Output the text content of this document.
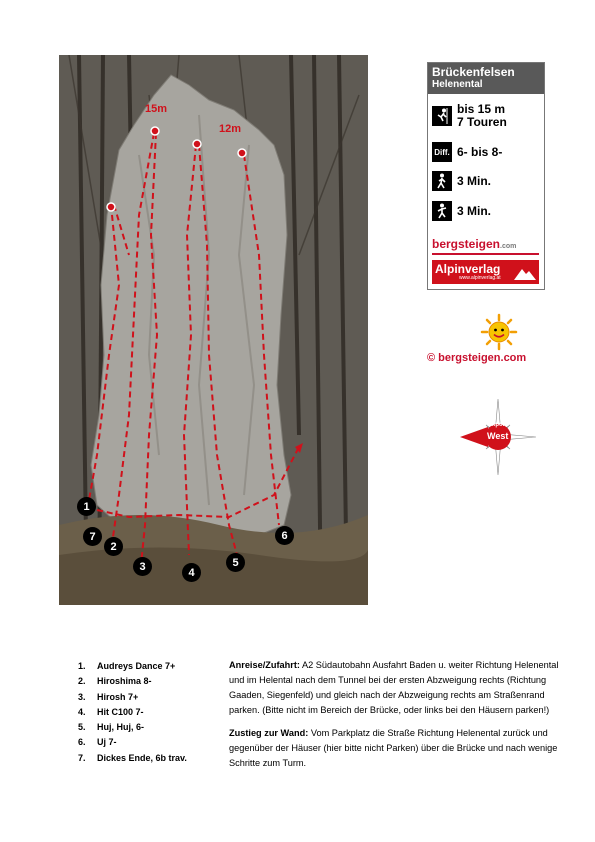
15m
12m
1
2
3	4
5
6
7
Brückenfelsen
Helenental
bis 15 m
7 Touren
Diff. 6- bis 8-
3 Min.
3 Min.
bergsteigen.com
Alpinverlag
www.alpinverlag.at
© bergsteigen.com
Expo.
West
1. Audreys Dance 7+
2. Hiroshima 8-
3. Hirosh 7+
4. Hit C100 7-
5. Huj, Huj, 6-
6. Uj 7-
7. Dickes Ende, 6b trav.

Anreise/Zufahrt: A2 Südautobahn Ausfahrt Baden u. weiter Richtung Helenental und im Helental nach dem Tunnel bei der ersten Abzweigung rechts (Richtung Gaaden, Siegenfeld) und gleich nach der Abzweigung rechts am Straßenrand parken. (Bitte nicht im Bereich der Brücke, oder links bei den Häusern parken!)

Zustieg zur Wand: Vom Parkplatz die Straße Richtung Helenental zurück und gegenüber der Häuser (hier bitte nicht Parken) über die Brücke und nach wenige Schritte zum Turm.
